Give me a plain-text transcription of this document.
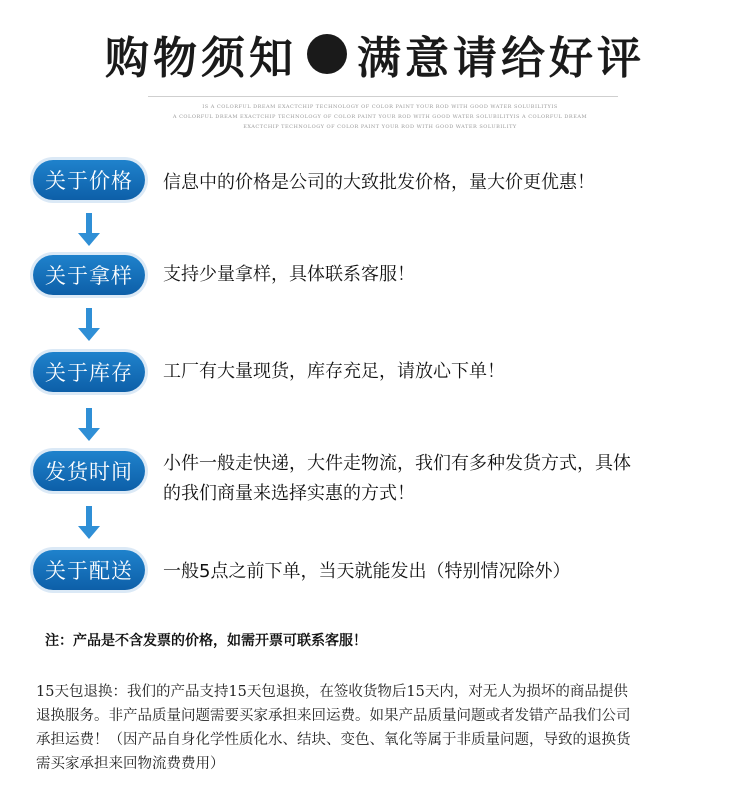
购物须知 满意请给好评
IS A COLORFUL DREAM EXACTCHIP TECHNOLOGY OF COLOR PAINT YOUR ROD WITH GOOD WATER SOLUBILITYIS
A COLORFUL DREAM EXACTCHIP TECHNOLOGY OF COLOR PAINT YOUR ROD WITH GOOD WATER SOLUBILITYIS A COLORFUL DREAM
EXACTCHIP TECHNOLOGY OF COLOR PAINT YOUR ROD WITH GOOD WATER SOLUBILITY
关于价格	信息中的价格是公司的大致批发价格，量大价更优惠！
关于拿样	支持少量拿样，具体联系客服！
关于库存	工厂有大量现货，库存充足，请放心下单！
发货时间	小件一般走快递，大件走物流，我们有多种发货方式，具体
的我们商量来选择实惠的方式！
关于配送	一般5点之前下单，当天就能发出（特别情况除外）
注：产品是不含发票的价格，如需开票可联系客服！
15天包退换：我们的产品支持15天包退换，在签收货物后15天内，对无人为损坏的商品提供
退换服务。非产品质量问题需要买家承担来回运费。如果产品质量问题或者发错产品我们公司
承担运费！（因产品自身化学性质化水、结块、变色、氧化等属于非质量问题，导致的退换货
需买家承担来回物流费费用）
